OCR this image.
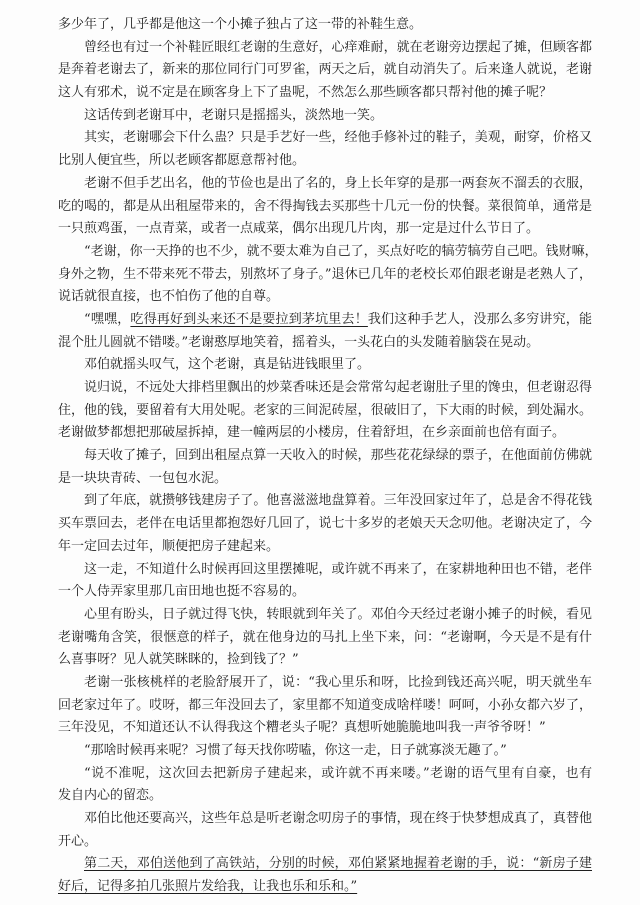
多少年了，几乎都是他这一个小摊子独占了这一带的补鞋生意。
曾经也有过一个补鞋匠眼红老谢的生意好，心痒难耐，就在老谢旁边摆起了摊，但顾客都
是奔着老谢去了，新来的那位同行门可罗雀，两天之后，就自动消失了。后来逢人就说，老谢
这人有邪术，说不定是在顾客身上下了蛊呢，不然怎么那些顾客都只帮衬他的摊子呢？
这话传到老谢耳中，老谢只是摇摇头，淡然地一笑。
其实，老谢哪会下什么蛊？只是手艺好一些，经他手修补过的鞋子，美观，耐穿，价格又
比别人便宜些，所以老顾客都愿意帮衬他。
老谢不但手艺出名，他的节俭也是出了名的，身上长年穿的是那一两套灰不溜丢的衣服，
吃的喝的，都是从出租屋带来的，舍不得掏钱去买那些十几元一份的快餐。菜很简单，通常是
一只煎鸡蛋，一点青菜，或者一点咸菜，偶尔出现几片肉，那一定是过什么节日了。
“老谢，你一天挣的也不少，就不要太难为自己了，买点好吃的犒劳犒劳自己吧。钱财嘛，
身外之物，生不带来死不带去，别熬坏了身子。”退休已几年的老校长邓伯跟老谢是老熟人了，
说话就很直接，也不怕伤了他的自尊。
“嘿嘿，吃得再好到头来还不是要拉到茅坑里去！我们这种手艺人，没那么多穷讲究，能
混个肚儿圆就不错喽。”老谢憨厚地笑着，摇着头，一头花白的头发随着脑袋在晃动。
邓伯就摇头叹气，这个老谢，真是钻进钱眼里了。
说归说，不远处大排档里飘出的炒菜香味还是会常常勾起老谢肚子里的馋虫，但老谢忍得
住，他的钱，要留着有大用处呢。老家的三间泥砖屋，很破旧了，下大雨的时候，到处漏水。
老谢做梦都想把那破屋拆掉，建一幢两层的小楼房，住着舒坦，在乡亲面前也倍有面子。
每天收了摊子，回到出租屋点算一天收入的时候，那些花花绿绿的票子，在他面前仿佛就
是一块块青砖、一包包水泥。
到了年底，就攒够钱建房子了。他喜滋滋地盘算着。三年没回家过年了，总是舍不得花钱
买车票回去，老伴在电话里都抱怨好几回了，说七十多岁的老娘天天念叨他。老谢决定了，今
年一定回去过年，顺便把房子建起来。
这一走，不知道什么时候再回这里摆摊呢，或许就不再来了，在家耕地种田也不错，老伴
一个人侍弄家里那几亩田地也挺不容易的。
心里有盼头，日子就过得飞快，转眼就到年关了。邓伯今天经过老谢小摊子的时候，看见
老谢嘴角含笑，很惬意的样子，就在他身边的马扎上坐下来，问：“老谢啊，今天是不是有什
么喜事呀？见人就笑眯眯的，捡到钱了？”
老谢一张核桃样的老脸舒展开了，说：“我心里乐和呀，比捡到钱还高兴呢，明天就坐车
回老家过年了。哎呀，都三年没回去了，家里都不知道变成啥样喽！呵呵，小孙女都六岁了，
三年没见，不知道还认不认得我这个糟老头子呢？真想听她脆脆地叫我一声爷爷呀！”
“那啥时候再来呢？习惯了每天找你唠嗑，你这一走，日子就寡淡无趣了。”
“说不准呢，这次回去把新房子建起来，或许就不再来喽。”老谢的语气里有自豪，也有
发自内心的留恋。
邓伯比他还要高兴，这些年总是听老谢念叨房子的事情，现在终于快梦想成真了，真替他
开心。
第二天，邓伯送他到了高铁站，分别的时候，邓伯紧紧地握着老谢的手，说：“新房子建
好后，记得多拍几张照片发给我，让我也乐和乐和。”
